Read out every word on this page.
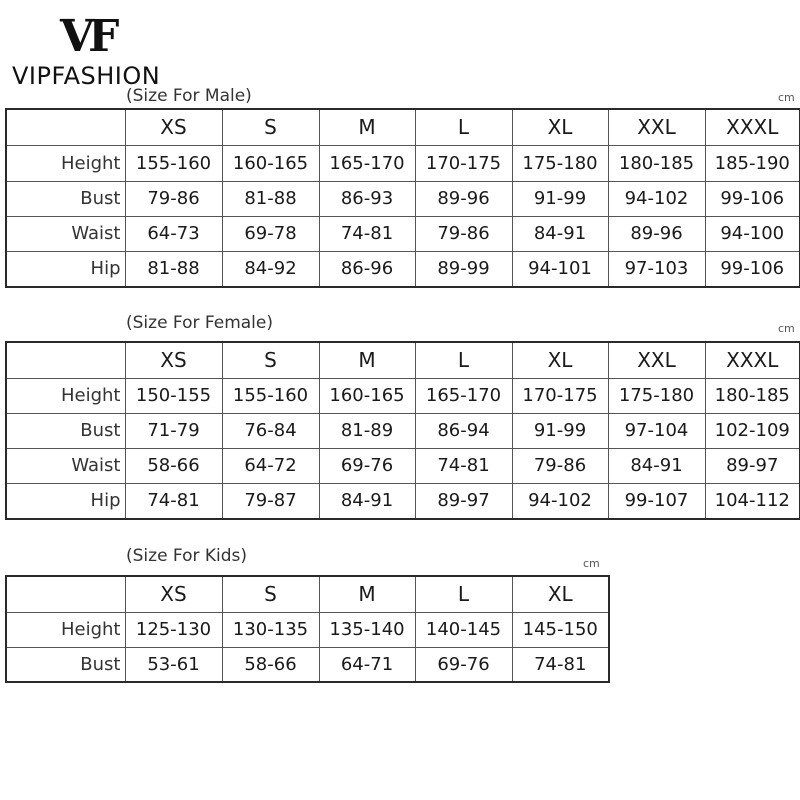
VF
VIPFASHION
(Size For Male)	cm
	XS	S	M	L	XL	XXL	XXXL
Height	155-160	160-165	165-170	170-175	175-180	180-185	185-190
Bust	79-86	81-88	86-93	89-96	91-99	94-102	99-106
Waist	64-73	69-78	74-81	79-86	84-91	89-96	94-100
Hip	81-88	84-92	86-96	89-99	94-101	97-103	99-106
(Size For Female)	cm
	XS	S	M	L	XL	XXL	XXXL
Height	150-155	155-160	160-165	165-170	170-175	175-180	180-185
Bust	71-79	76-84	81-89	86-94	91-99	97-104	102-109
Waist	58-66	64-72	69-76	74-81	79-86	84-91	89-97
Hip	74-81	79-87	84-91	89-97	94-102	99-107	104-112
(Size For Kids)	cm
	XS	S	M	L	XL
Height	125-130	130-135	135-140	140-145	145-150
Bust	53-61	58-66	64-71	69-76	74-81
